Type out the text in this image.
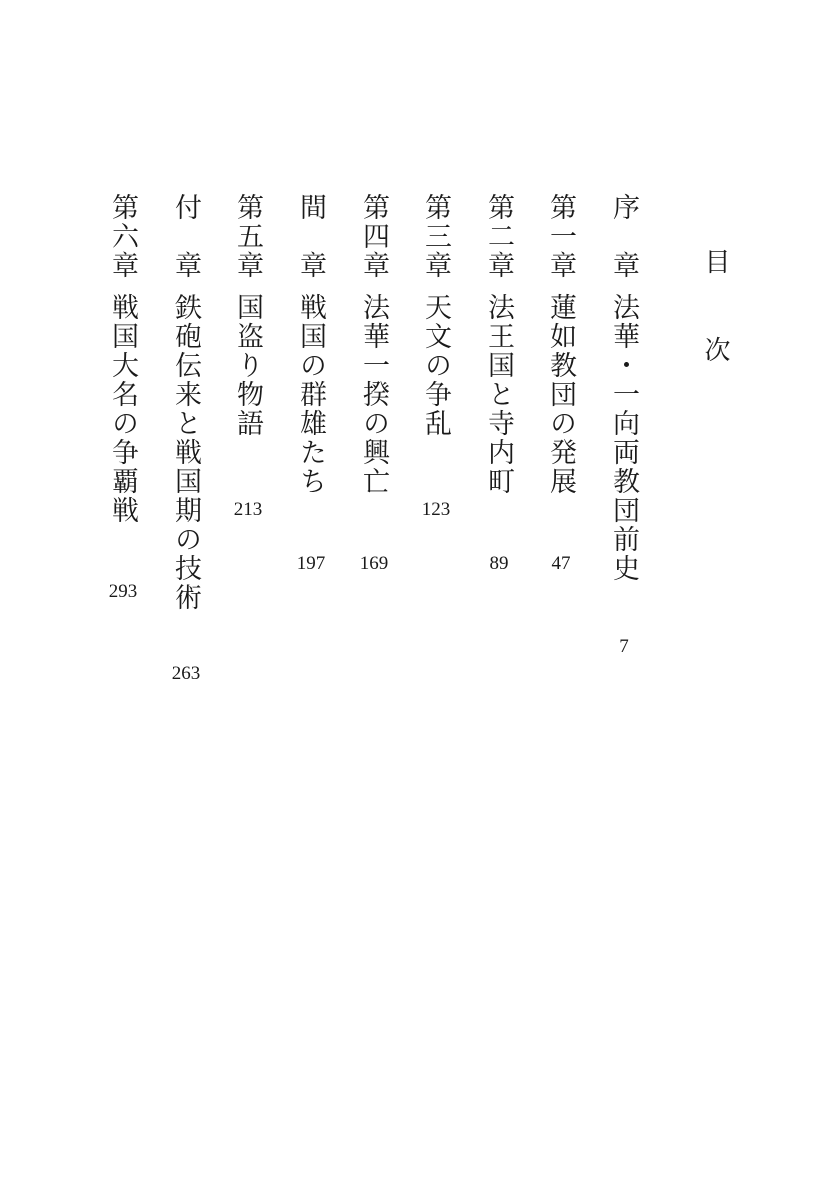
目　次
序　章法華・一向両教団前史
7
第一章蓮如教団の発展
47
第二章法王国と寺内町
89
第三章天文の争乱
123
第四章法華一揆の興亡
169
間　章戦国の群雄たち
197
第五章国盗り物語
213
付　章鉄砲伝来と戦国期の技術
263
第六章戦国大名の争覇戦
293
